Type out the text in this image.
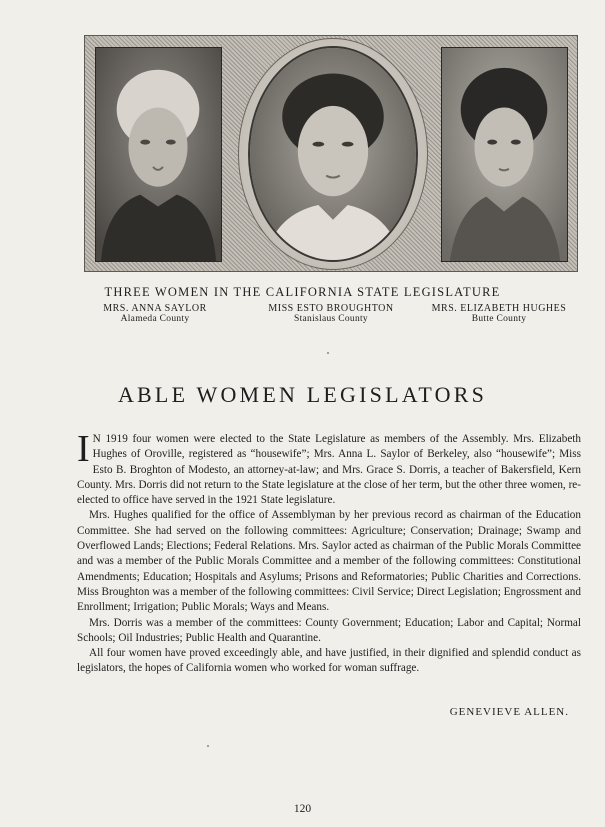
THREE WOMEN IN THE CALIFORNIA STATE LEGISLATURE
MRS. ANNA SAYLOR
Alameda County
MISS ESTO BROUGHTON
Stanislaus County
MRS. ELIZABETH HUGHES
Butte County
ABLE WOMEN LEGISLATORS

I N 1919 four women were elected to the State Legislature as members of the Assembly. Mrs. Elizabeth Hughes of Oroville, registered as “housewife”; Mrs. Anna L. Saylor of Berkeley, also “housewife”; Miss Esto B. Broghton of Modesto, an attorney-at-law; and Mrs. Grace S. Dorris, a teacher of Bakersfield, Kern County. Mrs. Dorris did not return to the State legislature at the close of her term, but the other three women, re-elected to office have served in the 1921 State legislature.

Mrs. Hughes qualified for the office of Assemblyman by her previous record as chairman of the Education Committee. She had served on the following committees: Agriculture; Conservation; Drainage; Swamp and Overflowed Lands; Elections; Federal Relations. Mrs. Saylor acted as chairman of the Public Morals Committee and was a member of the Public Morals Committee and a member of the following committees: Constitutional Amendments; Education; Hospitals and Asylums; Prisons and Reformatories; Public Charities and Corrections. Miss Broughton was a member of the following committees: Civil Service; Direct Legislation; Engrossment and Enrollment; Irrigation; Public Morals; Ways and Means.

Mrs. Dorris was a member of the committees: County Government; Education; Labor and Capital; Normal Schools; Oil Industries; Public Health and Quarantine.

All four women have proved exceedingly able, and have justified, in their dignified and splendid conduct as legislators, the hopes of California women who worked for woman suffrage.

GENEVIEVE ALLEN.
120
